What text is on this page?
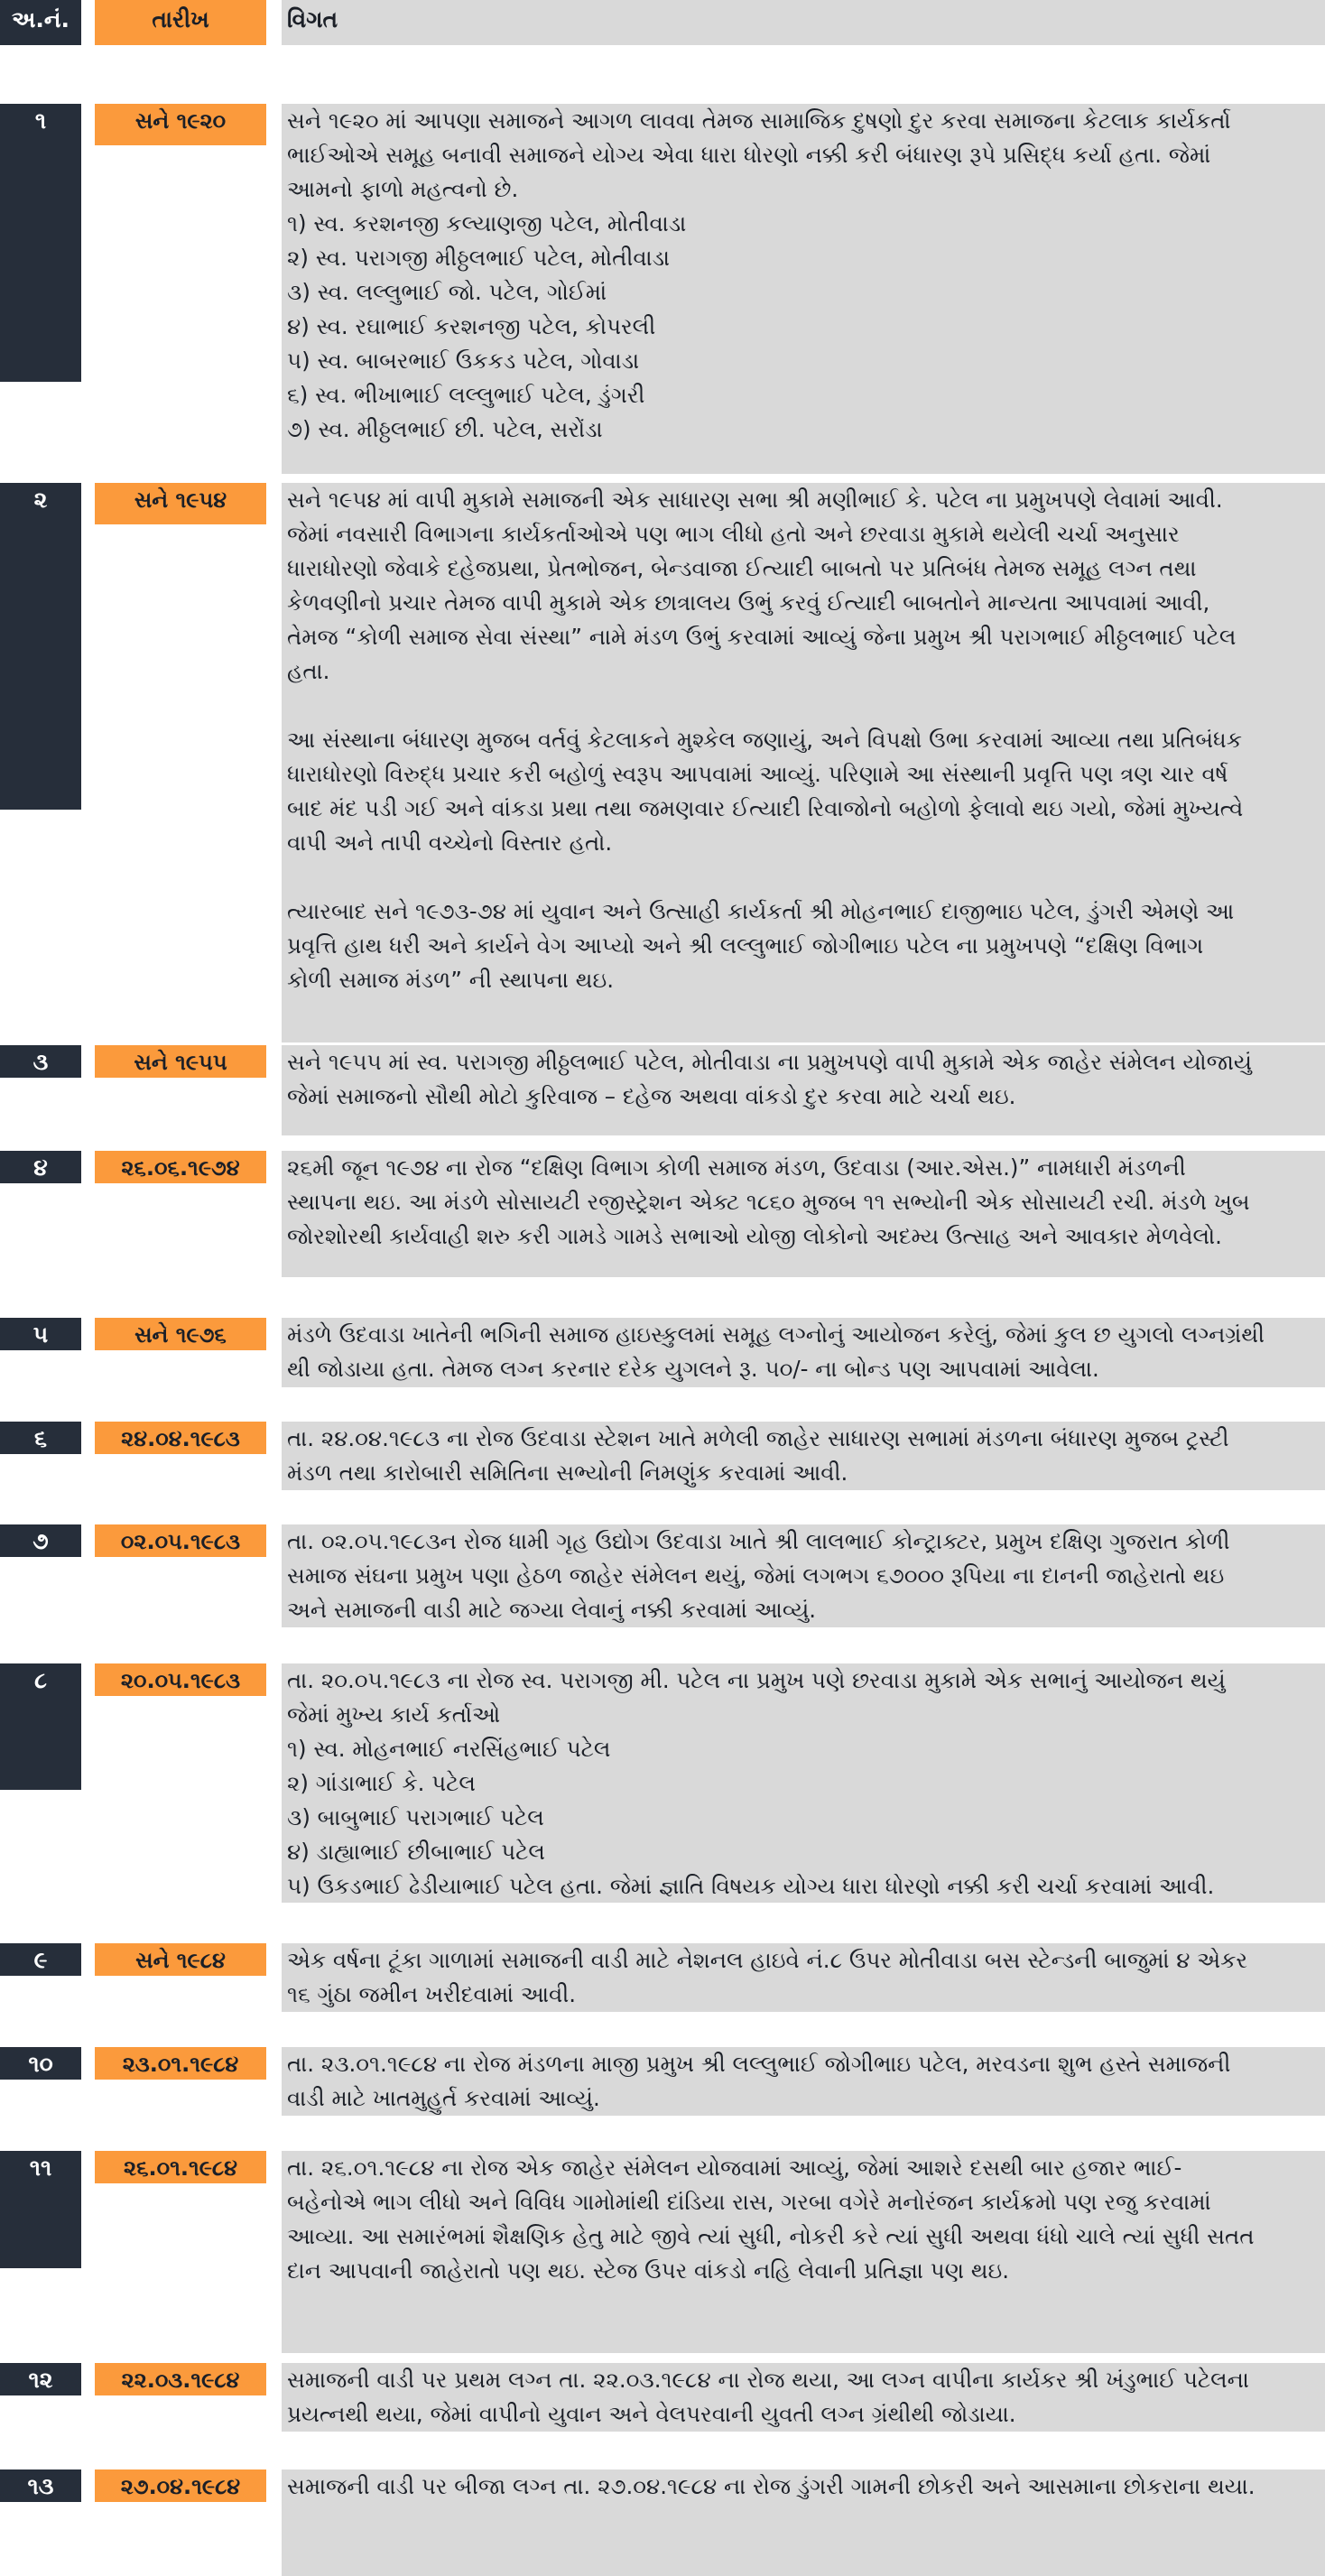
અ.નં.	તારીખ	વિગત
૧	સને ૧૯૨૦	સને ૧૯૨૦ માં આપણા સમાજને આગળ લાવવા તેમજ સામાજિક દુષણો દુર કરવા સમાજના કેટલાક કાર્યકર્તા
ભાઈઓએ સમૂહ બનાવી સમાજને યોગ્ય એવા ધારા ધોરણો નક્કી કરી બંધારણ રૂપે પ્રસિદ્ધ કર્યા હતા. જેમાં
આમનો ફાળો મહત્વનો છે.
૧) સ્વ. કરશનજી કલ્યાણજી પટેલ, મોતીવાડા
૨) સ્વ. પરાગજી મીઠ્ઠલભાઈ પટેલ, મોતીવાડા
૩) સ્વ. લલ્લુભાઈ જો. પટેલ, ગોઈમાં
૪) સ્વ. રઘાભાઈ કરશનજી પટેલ, કોપરલી
૫) સ્વ. બાબરભાઈ ઉકકડ પટેલ, ગોવાડા
૬) સ્વ. ભીખાભાઈ લલ્લુભાઈ પટેલ, ડુંગરી
૭) સ્વ. મીઠ્ઠલભાઈ છી. પટેલ, સરોંડા
૨	સને ૧૯૫૪	સને ૧૯૫૪ માં વાપી મુકામે સમાજની એક સાધારણ સભા શ્રી મણીભાઈ કે. પટેલ ના પ્રમુખપણે લેવામાં આવી.
જેમાં નવસારી વિભાગના કાર્યકર્તાઓએ પણ ભાગ લીધો હતો અને છરવાડા મુકામે થયેલી ચર્ચા અનુસાર
ધારાધોરણો જેવાકે દહેજપ્રથા, પ્રેતભોજન, બેન્ડવાજા ઈત્યાદી બાબતો પર પ્રતિબંધ તેમજ સમૂહ લગ્ન તથા
કેળવણીનો પ્રચાર તેમજ વાપી મુકામે એક છાત્રાલય ઉભું કરવું ઈત્યાદી બાબતોને માન્યતા આપવામાં આવી,
તેમજ “કોળી સમાજ સેવા સંસ્થા” નામે મંડળ ઉભું કરવામાં આવ્યું જેના પ્રમુખ શ્રી પરાગભાઈ મીઠ્ઠલભાઈ પટેલ
હતા.
આ સંસ્થાના બંધારણ મુજબ વર્તવું કેટલાકને મુશ્કેલ જણાયું, અને વિપક્ષો ઉભા કરવામાં આવ્યા તથા પ્રતિબંધક
ધારાધોરણો વિરુદ્ધ પ્રચાર કરી બહોળું સ્વરૂપ આપવામાં આવ્યું. પરિણામે આ સંસ્થાની પ્રવૃત્તિ પણ ત્રણ ચાર વર્ષ
બાદ મંદ પડી ગઈ અને વાંકડા પ્રથા તથા જમણવાર ઈત્યાદી રિવાજોનો બહોળો ફેલાવો થઇ ગયો, જેમાં મુખ્યત્વે
વાપી અને તાપી વચ્ચેનો વિસ્તાર હતો.
ત્યારબાદ સને ૧૯૭૩-૭૪ માં યુવાન અને ઉત્સાહી કાર્યકર્તા શ્રી મોહનભાઈ દાજીભાઇ પટેલ, ડુંગરી એમણે આ
પ્રવૃત્તિ હાથ ધરી અને કાર્યને વેગ આપ્યો અને શ્રી લલ્લુભાઈ જોગીભાઇ પટેલ ના પ્રમુખપણે “દક્ષિણ વિભાગ
કોળી સમાજ મંડળ” ની સ્થાપના થઇ.
૩	સને ૧૯૫૫	સને ૧૯૫૫ માં સ્વ. પરાગજી મીઠ્ઠલભાઈ પટેલ, મોતીવાડા ના પ્રમુખપણે વાપી મુકામે એક જાહેર સંમેલન યોજાયું
જેમાં સમાજનો સૌથી મોટો કુરિવાજ – દહેજ અથવા વાંકડો દુર કરવા માટે ચર્ચા થઇ.
૪	૨૬.૦૬.૧૯૭૪	૨૬મી જૂન ૧૯૭૪ ના રોજ “દક્ષિણ વિભાગ કોળી સમાજ મંડળ, ઉદવાડા (આર.એસ.)” નામધારી મંડળની
સ્થાપના થઇ. આ મંડળે સોસાયટી રજીસ્ટ્રેશન એક્ટ ૧૮૬૦ મુજબ ૧૧ સભ્યોની એક સોસાયટી રચી. મંડળે ખુબ
જોરશોરથી કાર્યવાહી શરુ કરી ગામડે ગામડે સભાઓ યોજી લોકોનો અદમ્ય ઉત્સાહ અને આવકાર મેળવેલો.
૫	સને ૧૯૭૬	મંડળે ઉદવાડા ખાતેની ભગિની સમાજ હાઇસ્કુલમાં સમૂહ લગ્નોનું આયોજન કરેલું, જેમાં કુલ છ યુગલો લગ્નગ્રંથી
થી જોડાયા હતા. તેમજ લગ્ન કરનાર દરેક યુગલને રૂ. ૫૦/- ના બોન્ડ પણ આપવામાં આવેલા.
૬	૨૪.૦૪.૧૯૮૩	તા. ૨૪.૦૪.૧૯૮૩ ના રોજ ઉદવાડા સ્ટેશન ખાતે મળેલી જાહેર સાધારણ સભામાં મંડળના બંધારણ મુજબ ટ્રસ્ટી
મંડળ તથા કારોબારી સમિતિના સભ્યોની નિમણુંક કરવામાં આવી.
૭	૦૨.૦૫.૧૯૮૩	તા. ૦૨.૦૫.૧૯૮૩ન રોજ ધામી ગૃહ ઉદ્યોગ ઉદવાડા ખાતે શ્રી લાલભાઈ કોન્ટ્રાક્ટર, પ્રમુખ દક્ષિણ ગુજરાત કોળી
સમાજ સંઘના પ્રમુખ પણા હેઠળ જાહેર સંમેલન થયું, જેમાં લગભગ ૬૭૦૦૦ રૂપિયા ના દાનની જાહેરાતો થઇ
અને સમાજની વાડી માટે જગ્યા લેવાનું નક્કી કરવામાં આવ્યું.
૮	૨૦.૦૫.૧૯૮૩	તા. ૨૦.૦૫.૧૯૮૩ ના રોજ સ્વ. પરાગજી મી. પટેલ ના પ્રમુખ પણે છરવાડા મુકામે એક સભાનું આયોજન થયું
જેમાં મુખ્ય કાર્ય કર્તાઓ
૧) સ્વ. મોહનભાઈ નરસિંહભાઈ પટેલ
૨) ગાંડાભાઈ કે. પટેલ
૩) બાબુભાઈ પરાગભાઈ પટેલ
૪) ડાહ્યાભાઈ છીબાભાઈ પટેલ
૫) ઉકડભાઈ ઢેડીયાભાઈ પટેલ હતા. જેમાં જ્ઞાતિ વિષયક યોગ્ય ધારા ધોરણો નક્કી કરી ચર્ચા કરવામાં આવી.
૯	સને ૧૯૮૪	એક વર્ષના ટૂંકા ગાળામાં સમાજની વાડી માટે નેશનલ હાઇવે નં.૮ ઉપર મોતીવાડા બસ સ્ટેન્ડની બાજુમાં ૪ એકર
૧૬ ગુંઠા જમીન ખરીદવામાં આવી.
૧૦	૨૩.૦૧.૧૯૮૪	તા. ૨૩.૦૧.૧૯૮૪ ના રોજ મંડળના માજી પ્રમુખ શ્રી લલ્લુભાઈ જોગીભાઇ પટેલ, મરવડના શુભ હસ્તે સમાજની
વાડી માટે ખાતમુહુર્ત કરવામાં આવ્યું.
૧૧	૨૬.૦૧.૧૯૮૪	તા. ૨૬.૦૧.૧૯૮૪ ના રોજ એક જાહેર સંમેલન યોજવામાં આવ્યું, જેમાં આશરે દસથી બાર હજાર ભાઈ-
બહેનોએ ભાગ લીધો અને વિવિધ ગામોમાંથી દાંડિયા રાસ, ગરબા વગેરે મનોરંજન કાર્યક્રમો પણ રજુ કરવામાં
આવ્યા. આ સમારંભમાં શૈક્ષણિક હેતુ માટે જીવે ત્યાં સુધી, નોકરી કરે ત્યાં સુધી અથવા ધંધો ચાલે ત્યાં સુધી સતત
દાન આપવાની જાહેરાતો પણ થઇ. સ્ટેજ ઉપર વાંકડો નહિ લેવાની પ્રતિજ્ઞા પણ થઇ.
૧૨	૨૨.૦૩.૧૯૮૪	સમાજની વાડી પર પ્રથમ લગ્ન તા. ૨૨.૦૩.૧૯૮૪ ના રોજ થયા, આ લગ્ન વાપીના કાર્યકર શ્રી ખંડુભાઈ પટેલના
પ્રયત્નથી થયા, જેમાં વાપીનો યુવાન અને વેલપરવાની યુવતી લગ્ન ગ્રંથીથી જોડાયા.
૧૩	૨૭.૦૪.૧૯૮૪	સમાજની વાડી પર બીજા લગ્ન તા. ૨૭.૦૪.૧૯૮૪ ના રોજ ડુંગરી ગામની છોકરી અને આસમાના છોકરાના થયા.
